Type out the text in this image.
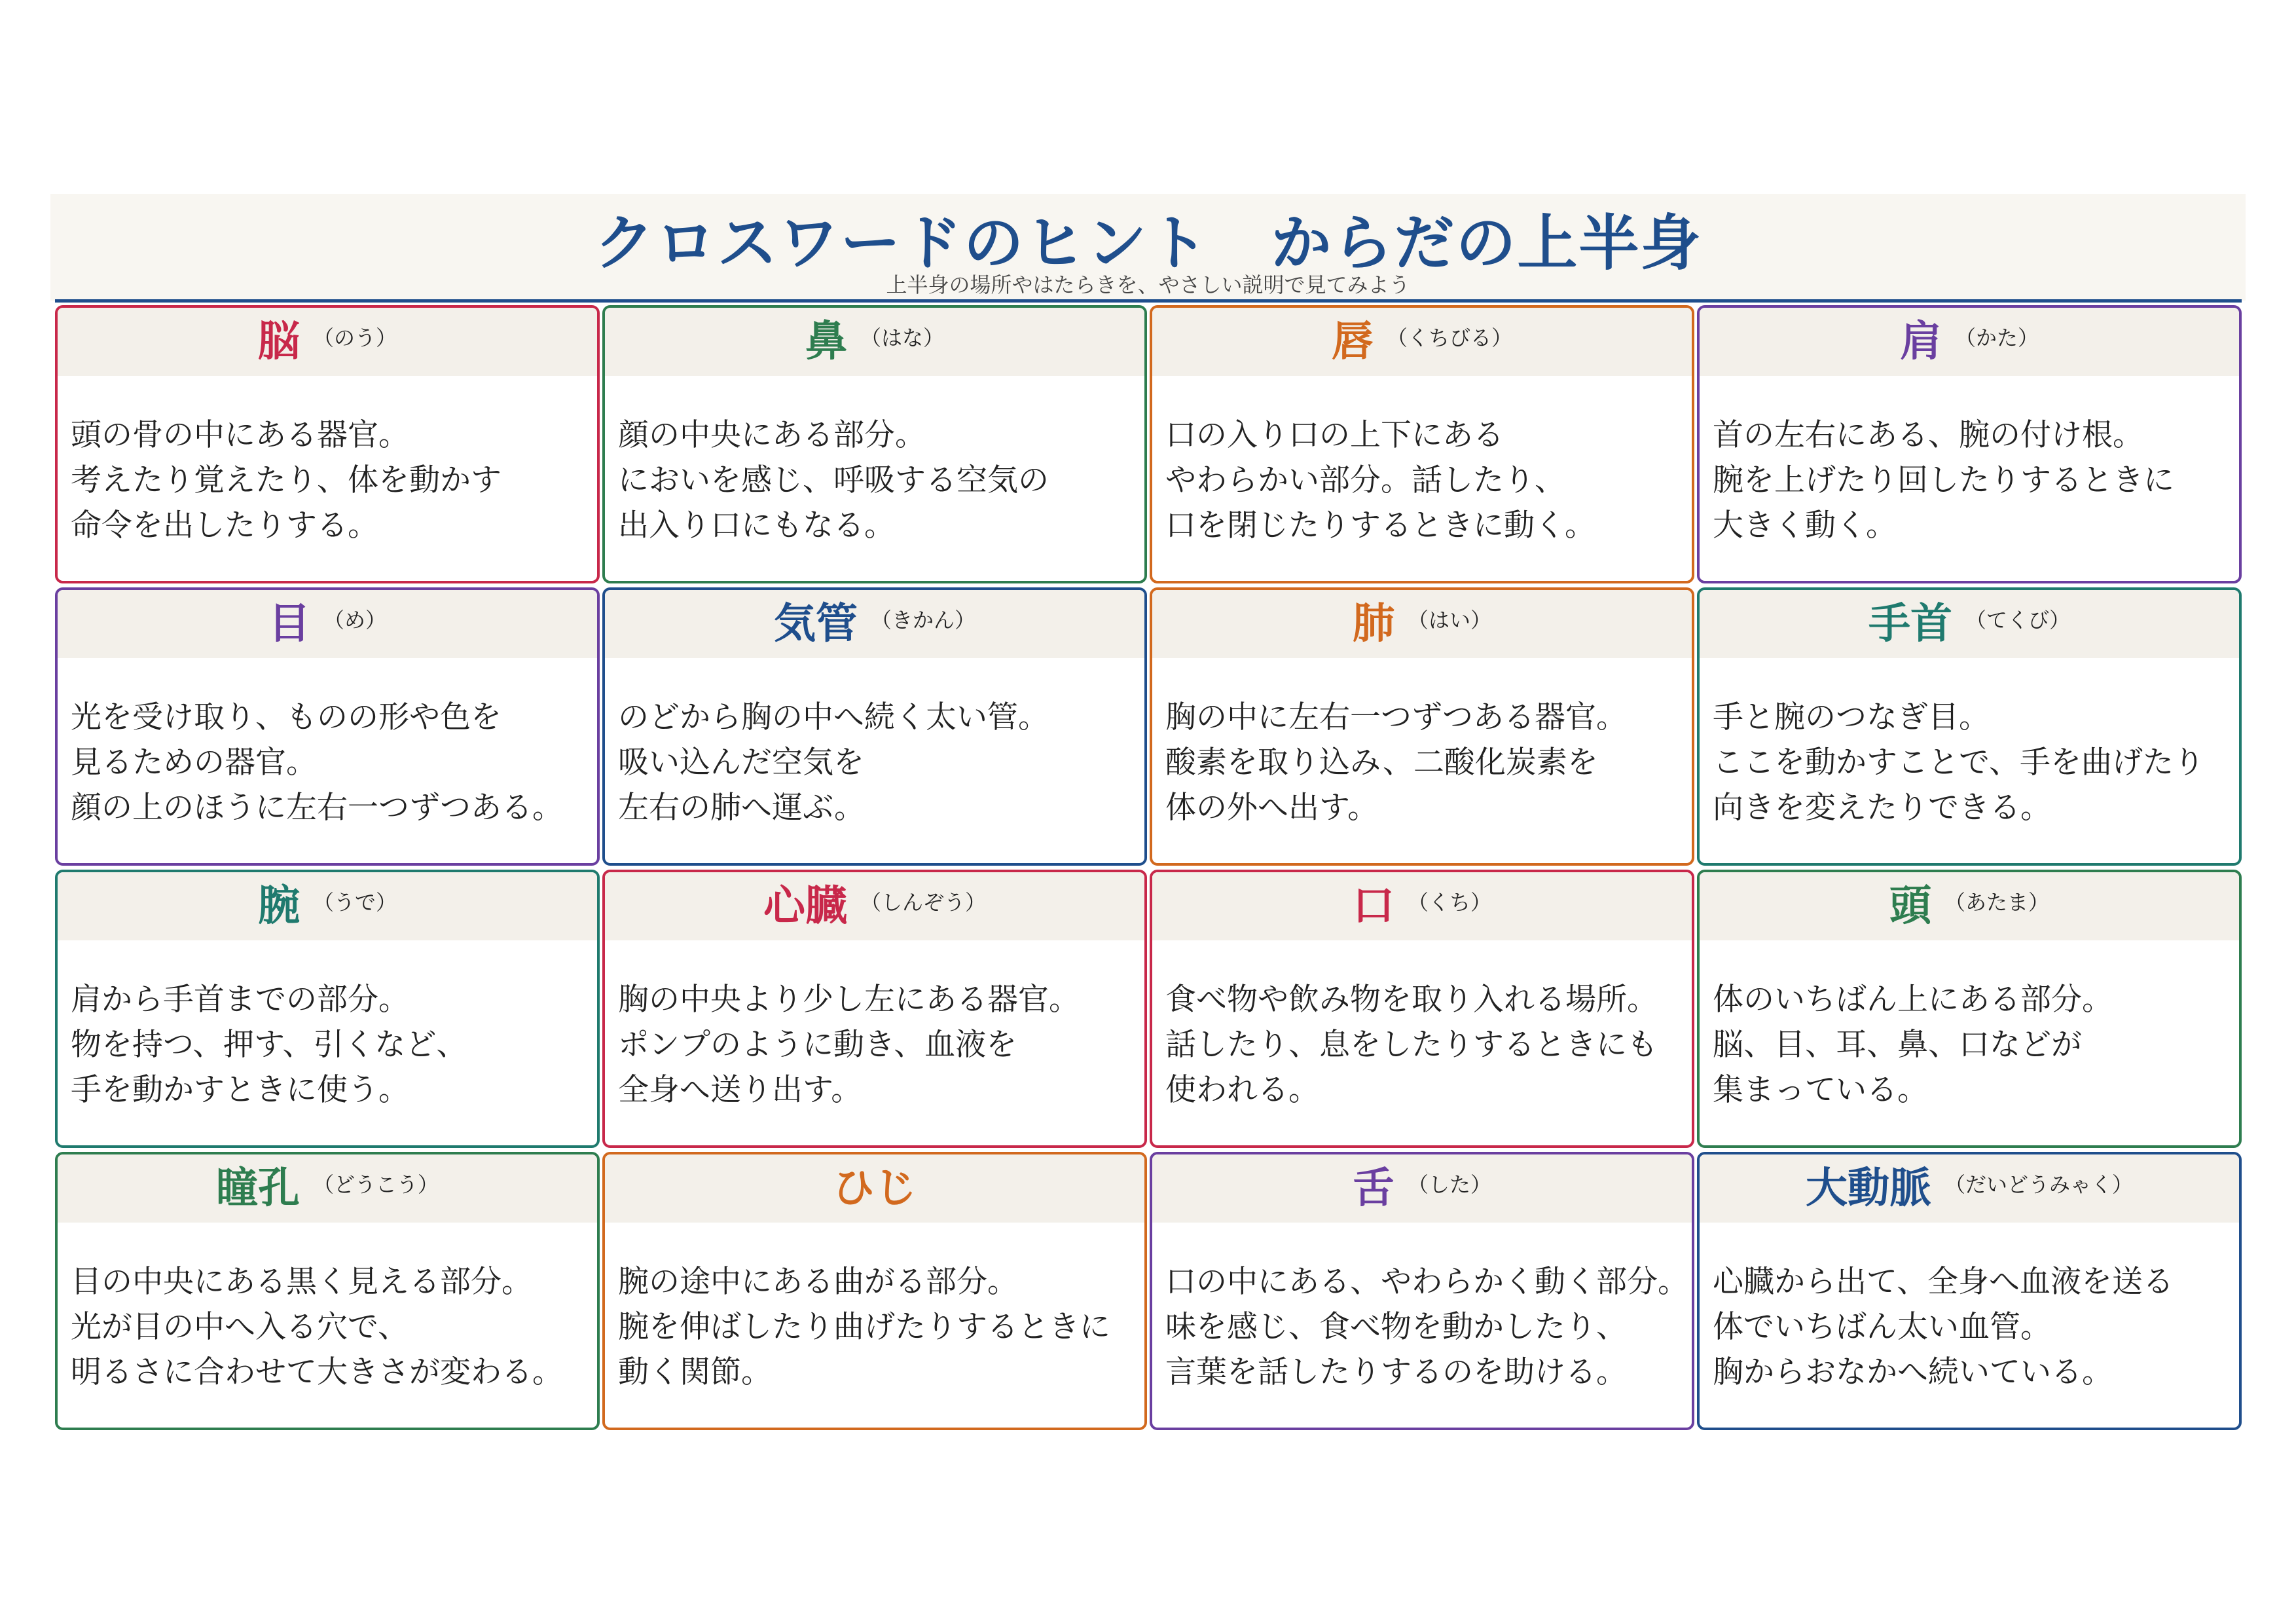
クロスワードのヒント　からだの上半身
上半身の場所やはたらきを、やさしい説明で見てみよう
脳 （のう）
頭の骨の中にある器官。
考えたり覚えたり、体を動かす
命令を出したりする。
鼻 （はな）
顔の中央にある部分。
においを感じ、呼吸する空気の
出入り口にもなる。
唇 （くちびる）
口の入り口の上下にある
やわらかい部分。話したり、
口を閉じたりするときに動く。
肩 （かた）
首の左右にある、腕の付け根。
腕を上げたり回したりするときに
大きく動く。
目 （め）
光を受け取り、ものの形や色を
見るための器官。
顔の上のほうに左右一つずつある。
気管 （きかん）
のどから胸の中へ続く太い管。
吸い込んだ空気を
左右の肺へ運ぶ。
肺 （はい）
胸の中に左右一つずつある器官。
酸素を取り込み、二酸化炭素を
体の外へ出す。
手首 （てくび）
手と腕のつなぎ目。
ここを動かすことで、手を曲げたり
向きを変えたりできる。
腕 （うで）
肩から手首までの部分。
物を持つ、押す、引くなど、
手を動かすときに使う。
心臓 （しんぞう）
胸の中央より少し左にある器官。
ポンプのように動き、血液を
全身へ送り出す。
口 （くち）
食べ物や飲み物を取り入れる場所。
話したり、息をしたりするときにも
使われる。
頭 （あたま）
体のいちばん上にある部分。
脳、目、耳、鼻、口などが
集まっている。
瞳孔 （どうこう）
目の中央にある黒く見える部分。
光が目の中へ入る穴で、
明るさに合わせて大きさが変わる。
ひじ
腕の途中にある曲がる部分。
腕を伸ばしたり曲げたりするときに
動く関節。
舌 （した）
口の中にある、やわらかく動く部分。
味を感じ、食べ物を動かしたり、
言葉を話したりするのを助ける。
大動脈 （だいどうみゃく）
心臓から出て、全身へ血液を送る
体でいちばん太い血管。
胸からおなかへ続いている。
